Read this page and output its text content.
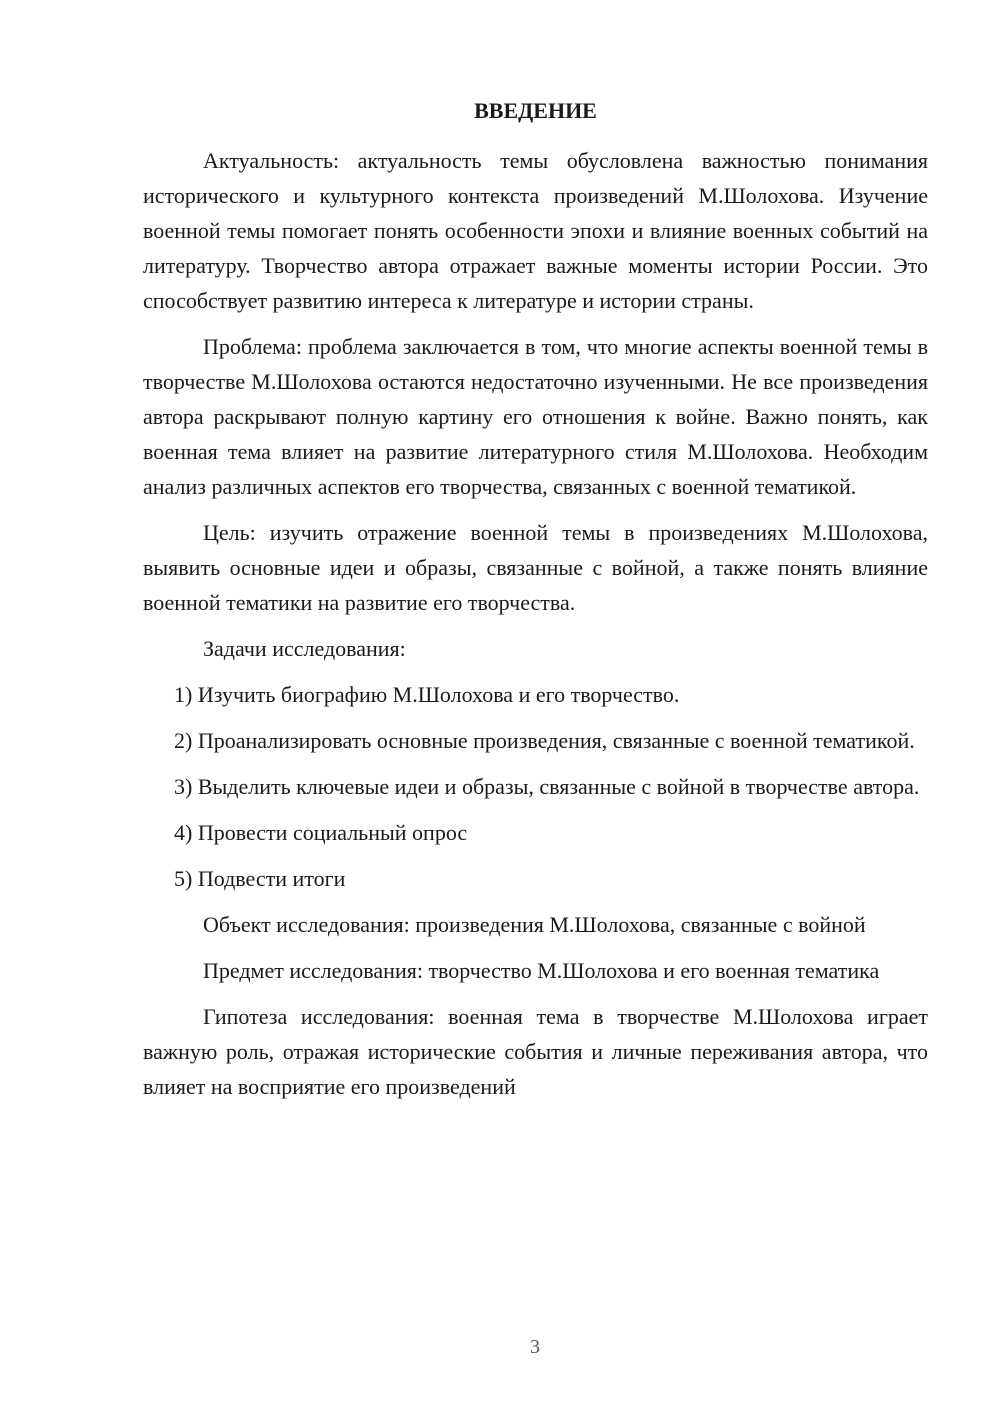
ВВЕДЕНИЕ
Актуальность: актуальность темы обусловлена важностью понимания исторического и культурного контекста произведений М.Шолохова. Изучение военной темы помогает понять особенности эпохи и влияние военных событий на литературу. Творчество автора отражает важные моменты истории России. Это способствует развитию интереса к литературе и истории страны.
Проблема: проблема заключается в том, что многие аспекты военной темы в творчестве М.Шолохова остаются недостаточно изученными. Не все произведения автора раскрывают полную картину его отношения к войне. Важно понять, как военная тема влияет на развитие литературного стиля М.Шолохова. Необходим анализ различных аспектов его творчества, связанных с военной тематикой.
Цель: изучить отражение военной темы в произведениях М.Шолохова, выявить основные идеи и образы, связанные с войной, а также понять влияние военной тематики на развитие его творчества.
Задачи исследования:
1) Изучить биографию М.Шолохова и его творчество.
2) Проанализировать основные произведения, связанные с военной тематикой.
3) Выделить ключевые идеи и образы, связанные с войной в творчестве автора.
4) Провести социальный опрос
5) Подвести итоги
Объект исследования: произведения М.Шолохова, связанные с войной
Предмет исследования: творчество М.Шолохова и его военная тематика
Гипотеза исследования: военная тема в творчестве М.Шолохова играет важную роль, отражая исторические события и личные переживания автора, что влияет на восприятие его произведений
3
